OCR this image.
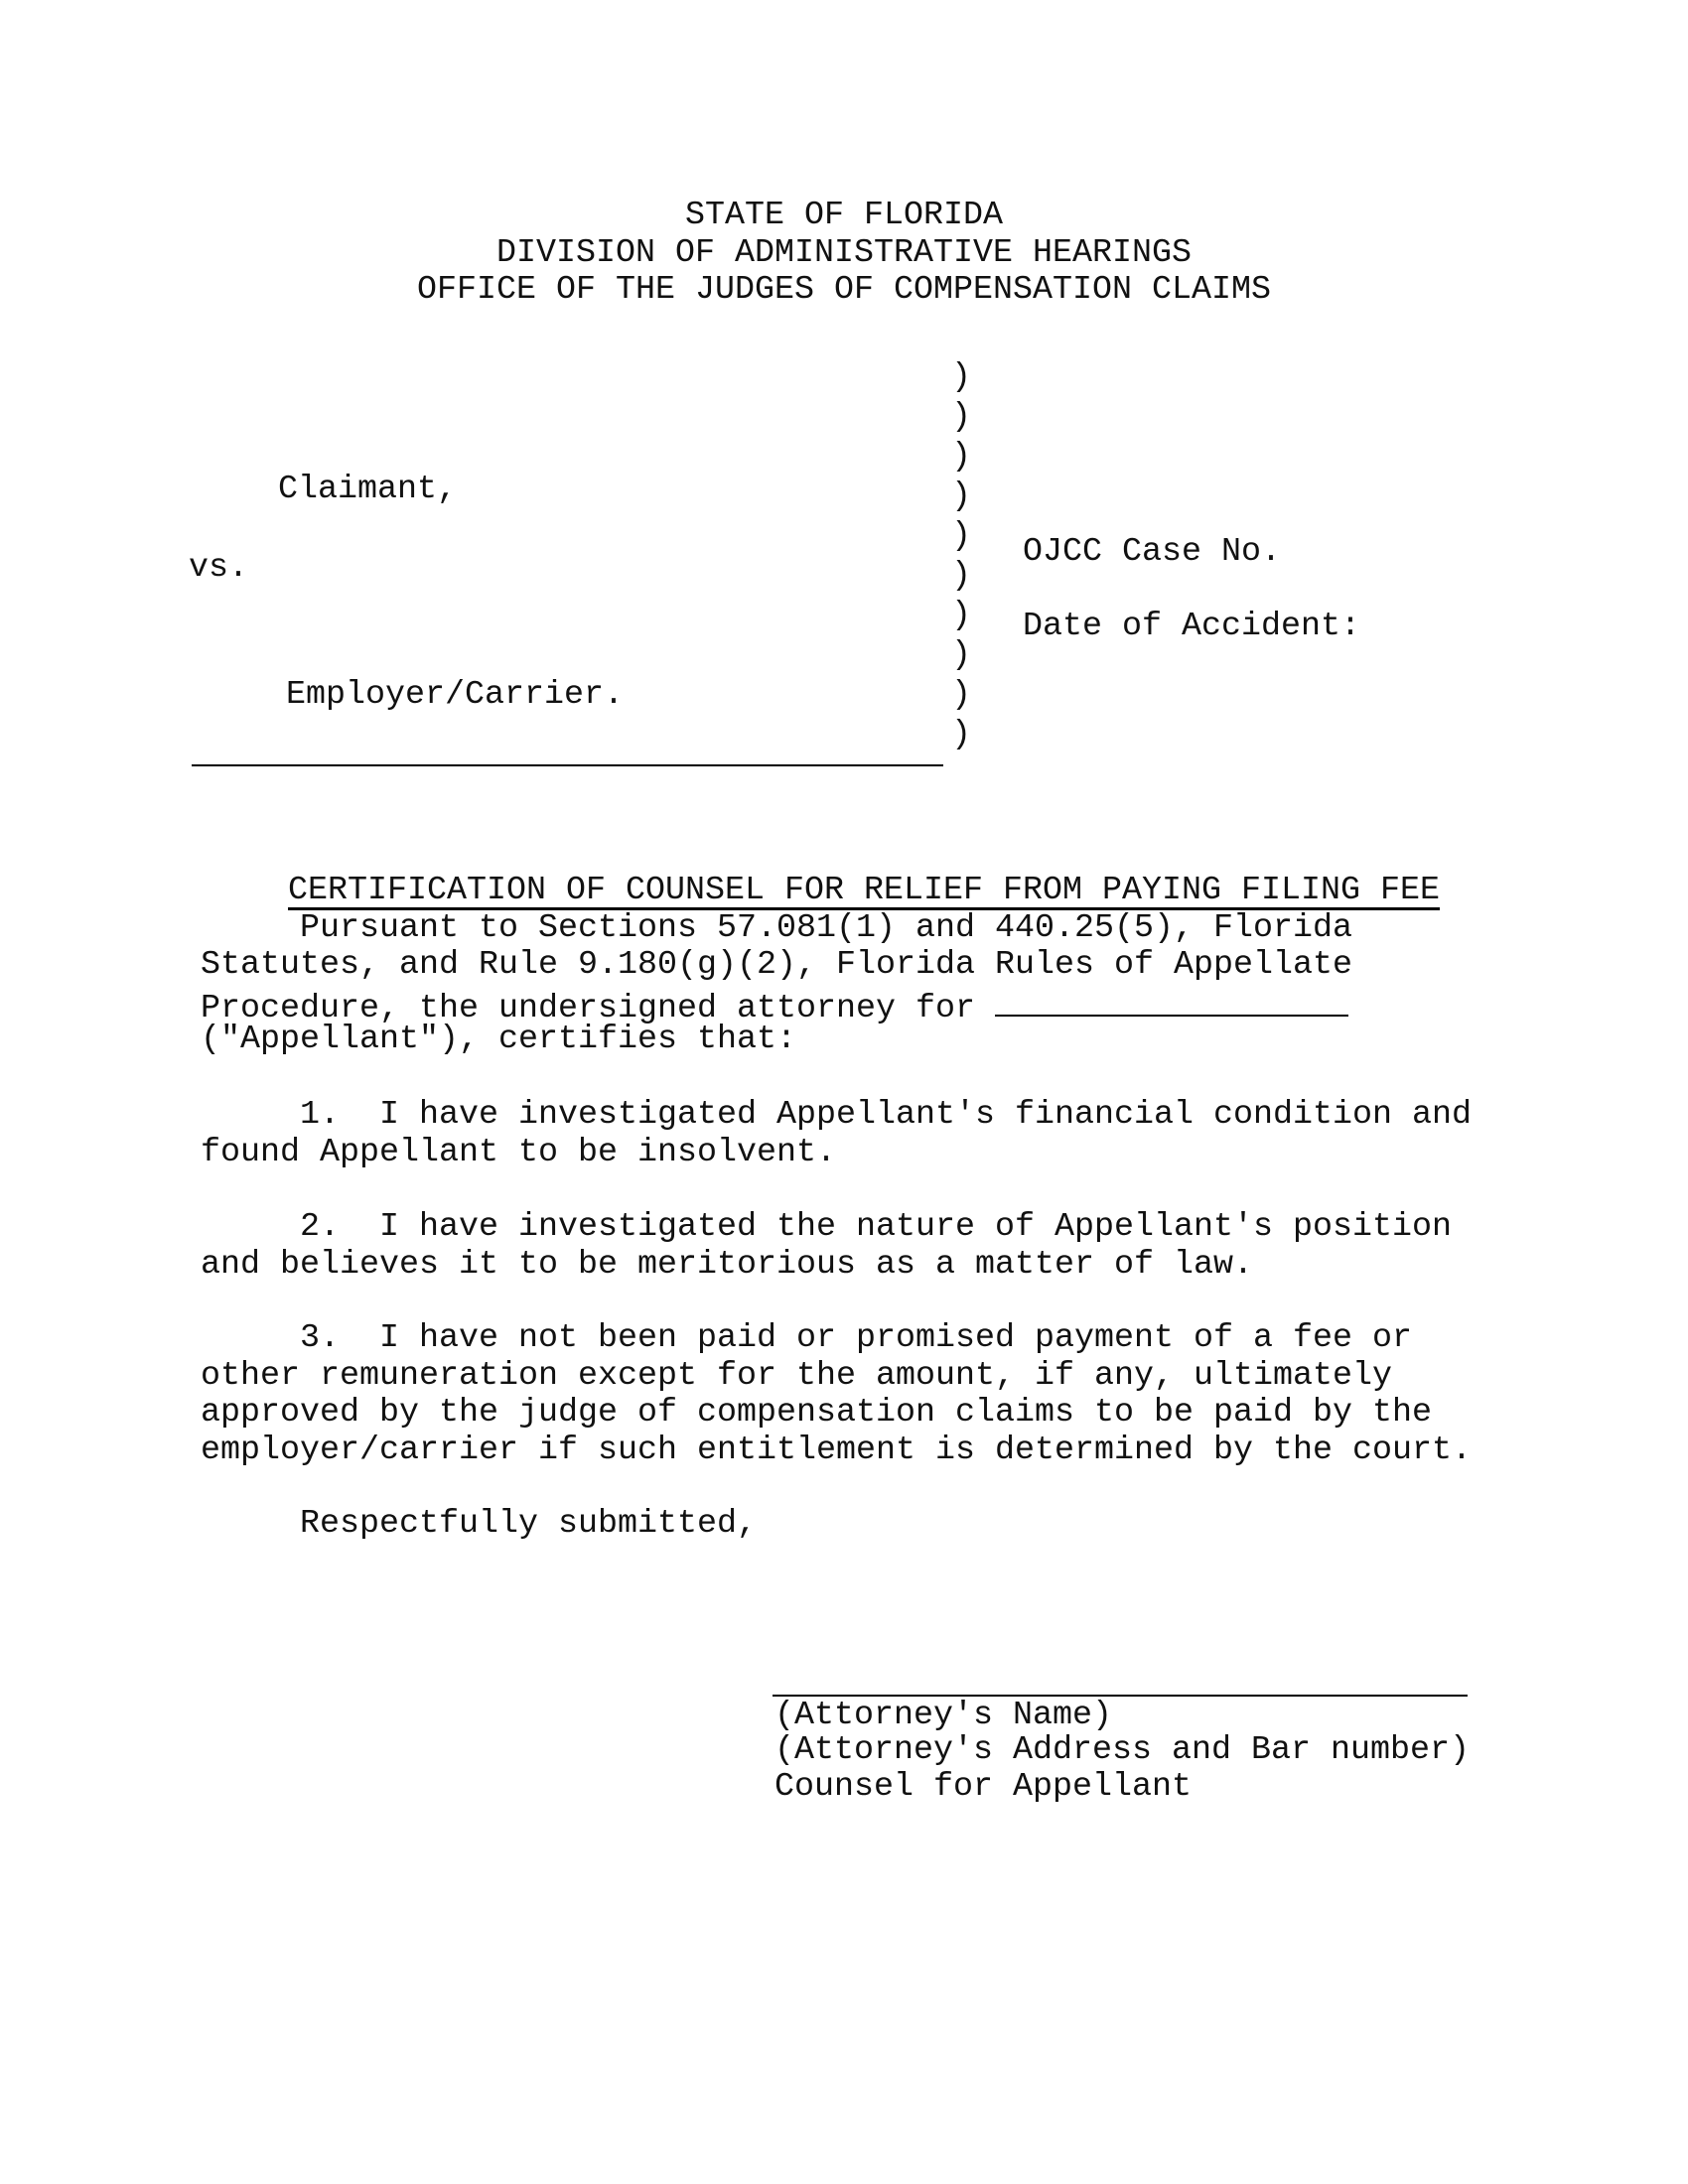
STATE OF FLORIDA
DIVISION OF ADMINISTRATIVE HEARINGS
OFFICE OF THE JUDGES OF COMPENSATION CLAIMS
Claimant,
vs.
Employer/Carrier.
)
)
)
)
)
)
)
)
)
)
OJCC Case No.
Date of Accident:

CERTIFICATION OF COUNSEL FOR RELIEF FROM PAYING FILING FEE

Pursuant to Sections 57.081(1) and 440.25(5), Florida
Statutes, and Rule 9.180(g)(2), Florida Rules of Appellate
Procedure, the undersigned attorney for
("Appellant"), certifies that:
1.  I have investigated Appellant's financial condition and
found Appellant to be insolvent.
2.  I have investigated the nature of Appellant's position
and believes it to be meritorious as a matter of law.
3.  I have not been paid or promised payment of a fee or
other remuneration except for the amount, if any, ultimately
approved by the judge of compensation claims to be paid by the
employer/carrier if such entitlement is determined by the court.
Respectfully submitted,
(Attorney's Name)
(Attorney's Address and Bar number)
Counsel for Appellant
